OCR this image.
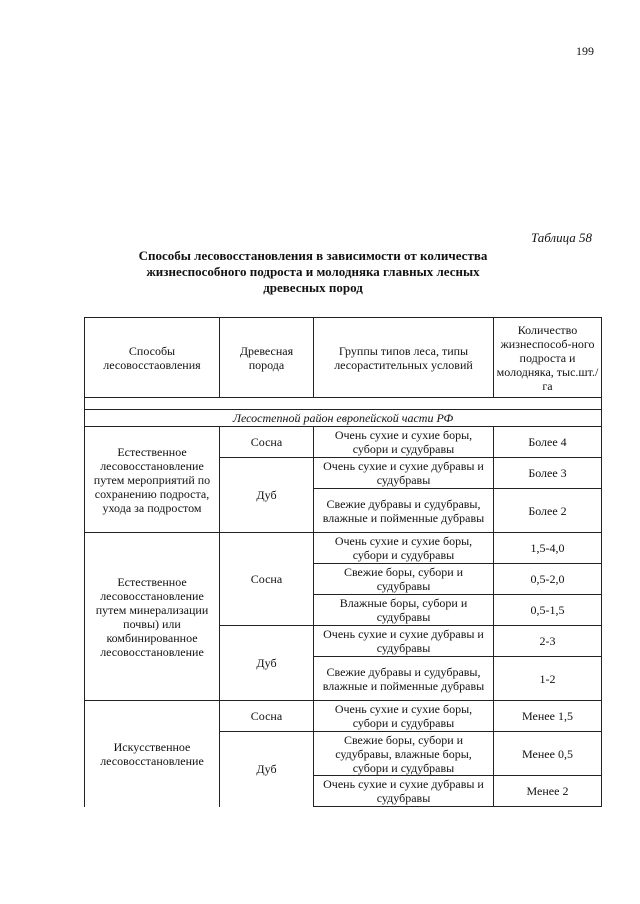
199
Таблица 58
Способы лесовосстановления в зависимости от количества
жизнеспособного подроста и молодняка главных лесных
древесных пород
Способы лесовосстаовления	Древесная порода	Группы типов леса, типы лесорастительных условий	Количество жизнеспособ-ного подроста и молодняка, тыс.шт./га

Лесостепной район европейской части РФ			
Естественное лесовосстановление путем мероприятий по сохранению подроста, ухода за подростом	Сосна	Очень сухие и сухие боры, субори и судубравы	Более 4
	Дуб	Очень сухие и сухие дубравы и судубравы	Более 3
		Свежие дубравы и судубравы, влажные и пойменные дубравы	Более 2
Естественное лесовосстановление путем минерализации почвы) или комбинированное лесовосстановление	Сосна	Очень сухие и сухие боры, субори и судубравы	1,5-4,0
		Свежие боры, субори и судубравы	0,5-2,0
		Влажные боры, субори и судубравы	0,5-1,5
	Дуб	Очень сухие и сухие дубравы и судубравы	2-3
		Свежие дубравы и судубравы, влажные и пойменные дубравы	1-2
Искусственное лесовосстановление	Сосна	Очень сухие и сухие боры, субори и судубравы	Менее 1,5
	Дуб	Свежие боры, субори и судубравы, влажные боры, субори и судубравы	Менее 0,5
		Очень сухие и сухие дубравы и судубравы	Менее 2
